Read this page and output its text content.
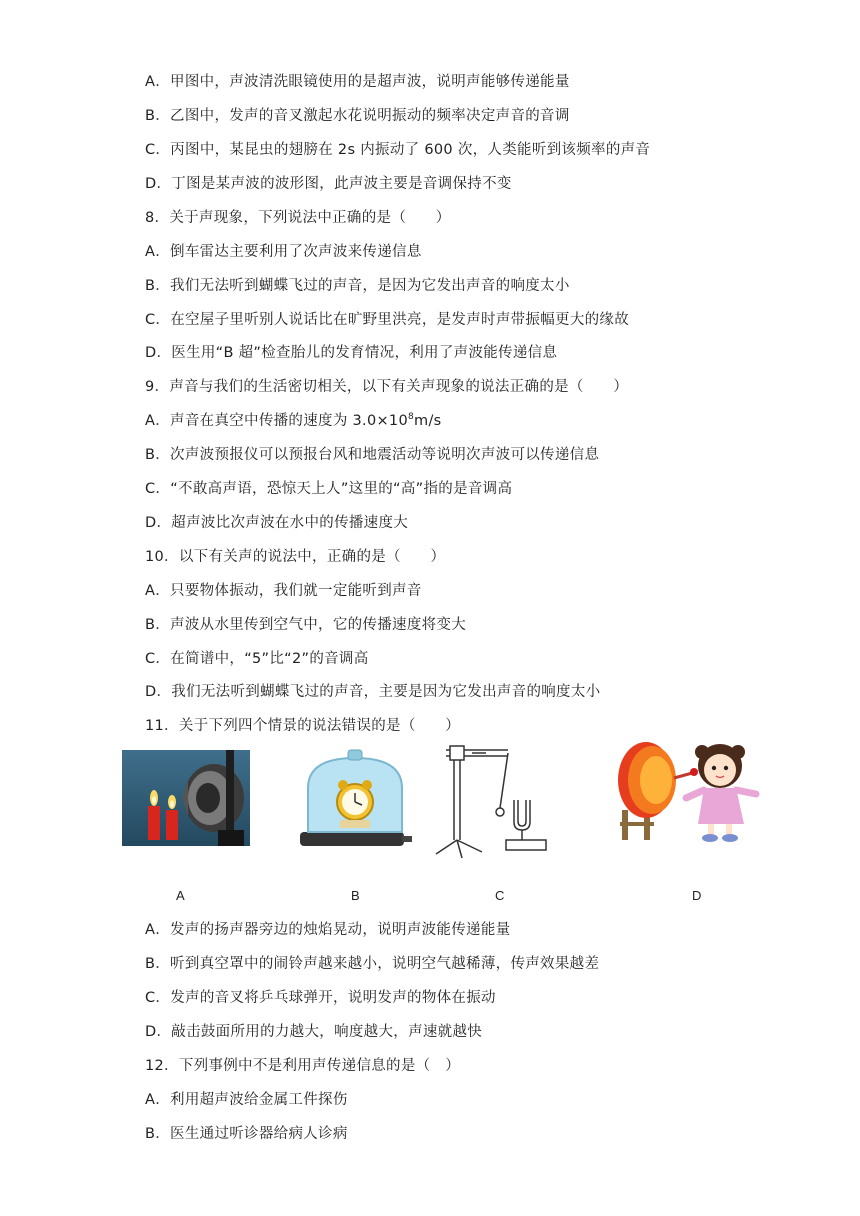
A．甲图中，声波清洗眼镜使用的是超声波，说明声能够传递能量
B．乙图中，发声的音叉激起水花说明振动的频率决定声音的音调
C．丙图中，某昆虫的翅膀在 2s 内振动了 600 次，人类能听到该频率的声音
D．丁图是某声波的波形图，此声波主要是音调保持不变
8．关于声现象，下列说法中正确的是（　　）
A．倒车雷达主要利用了次声波来传递信息
B．我们无法听到蝴蝶飞过的声音，是因为它发出声音的响度太小
C．在空屋子里听别人说话比在旷野里洪亮，是发声时声带振幅更大的缘故
D．医生用“B 超”检查胎儿的发育情况，利用了声波能传递信息
9．声音与我们的生活密切相关，以下有关声现象的说法正确的是（　　）
A．声音在真空中传播的速度为 $3.0\times 10^8m/s$
B．次声波预报仪可以预报台风和地震活动等说明次声波可以传递信息
C．“不敢高声语，恐惊天上人”这里的“高”指的是音调高
D．超声波比次声波在水中的传播速度大
10．以下有关声的说法中，正确的是（　　）
A．只要物体振动，我们就一定能听到声音
B．声波从水里传到空气中，它的传播速度将变大
C．在简谱中，“5”比“2”的音调高
D．我们无法听到蝴蝶飞过的声音，主要是因为它发出声音的响度太小
11．关于下列四个情景的说法错误的是（　　）
A	B	C	D
A．发声的扬声器旁边的烛焰晃动，说明声波能传递能量
B．听到真空罩中的闹铃声越来越小，说明空气越稀薄，传声效果越差
C．发声的音叉将乒乓球弹开，说明发声的物体在振动
D．敲击鼓面所用的力越大，响度越大，声速就越快
12．下列事例中不是利用声传递信息的是（　）
A．利用超声波给金属工件探伤
B．医生通过听诊器给病人诊病
